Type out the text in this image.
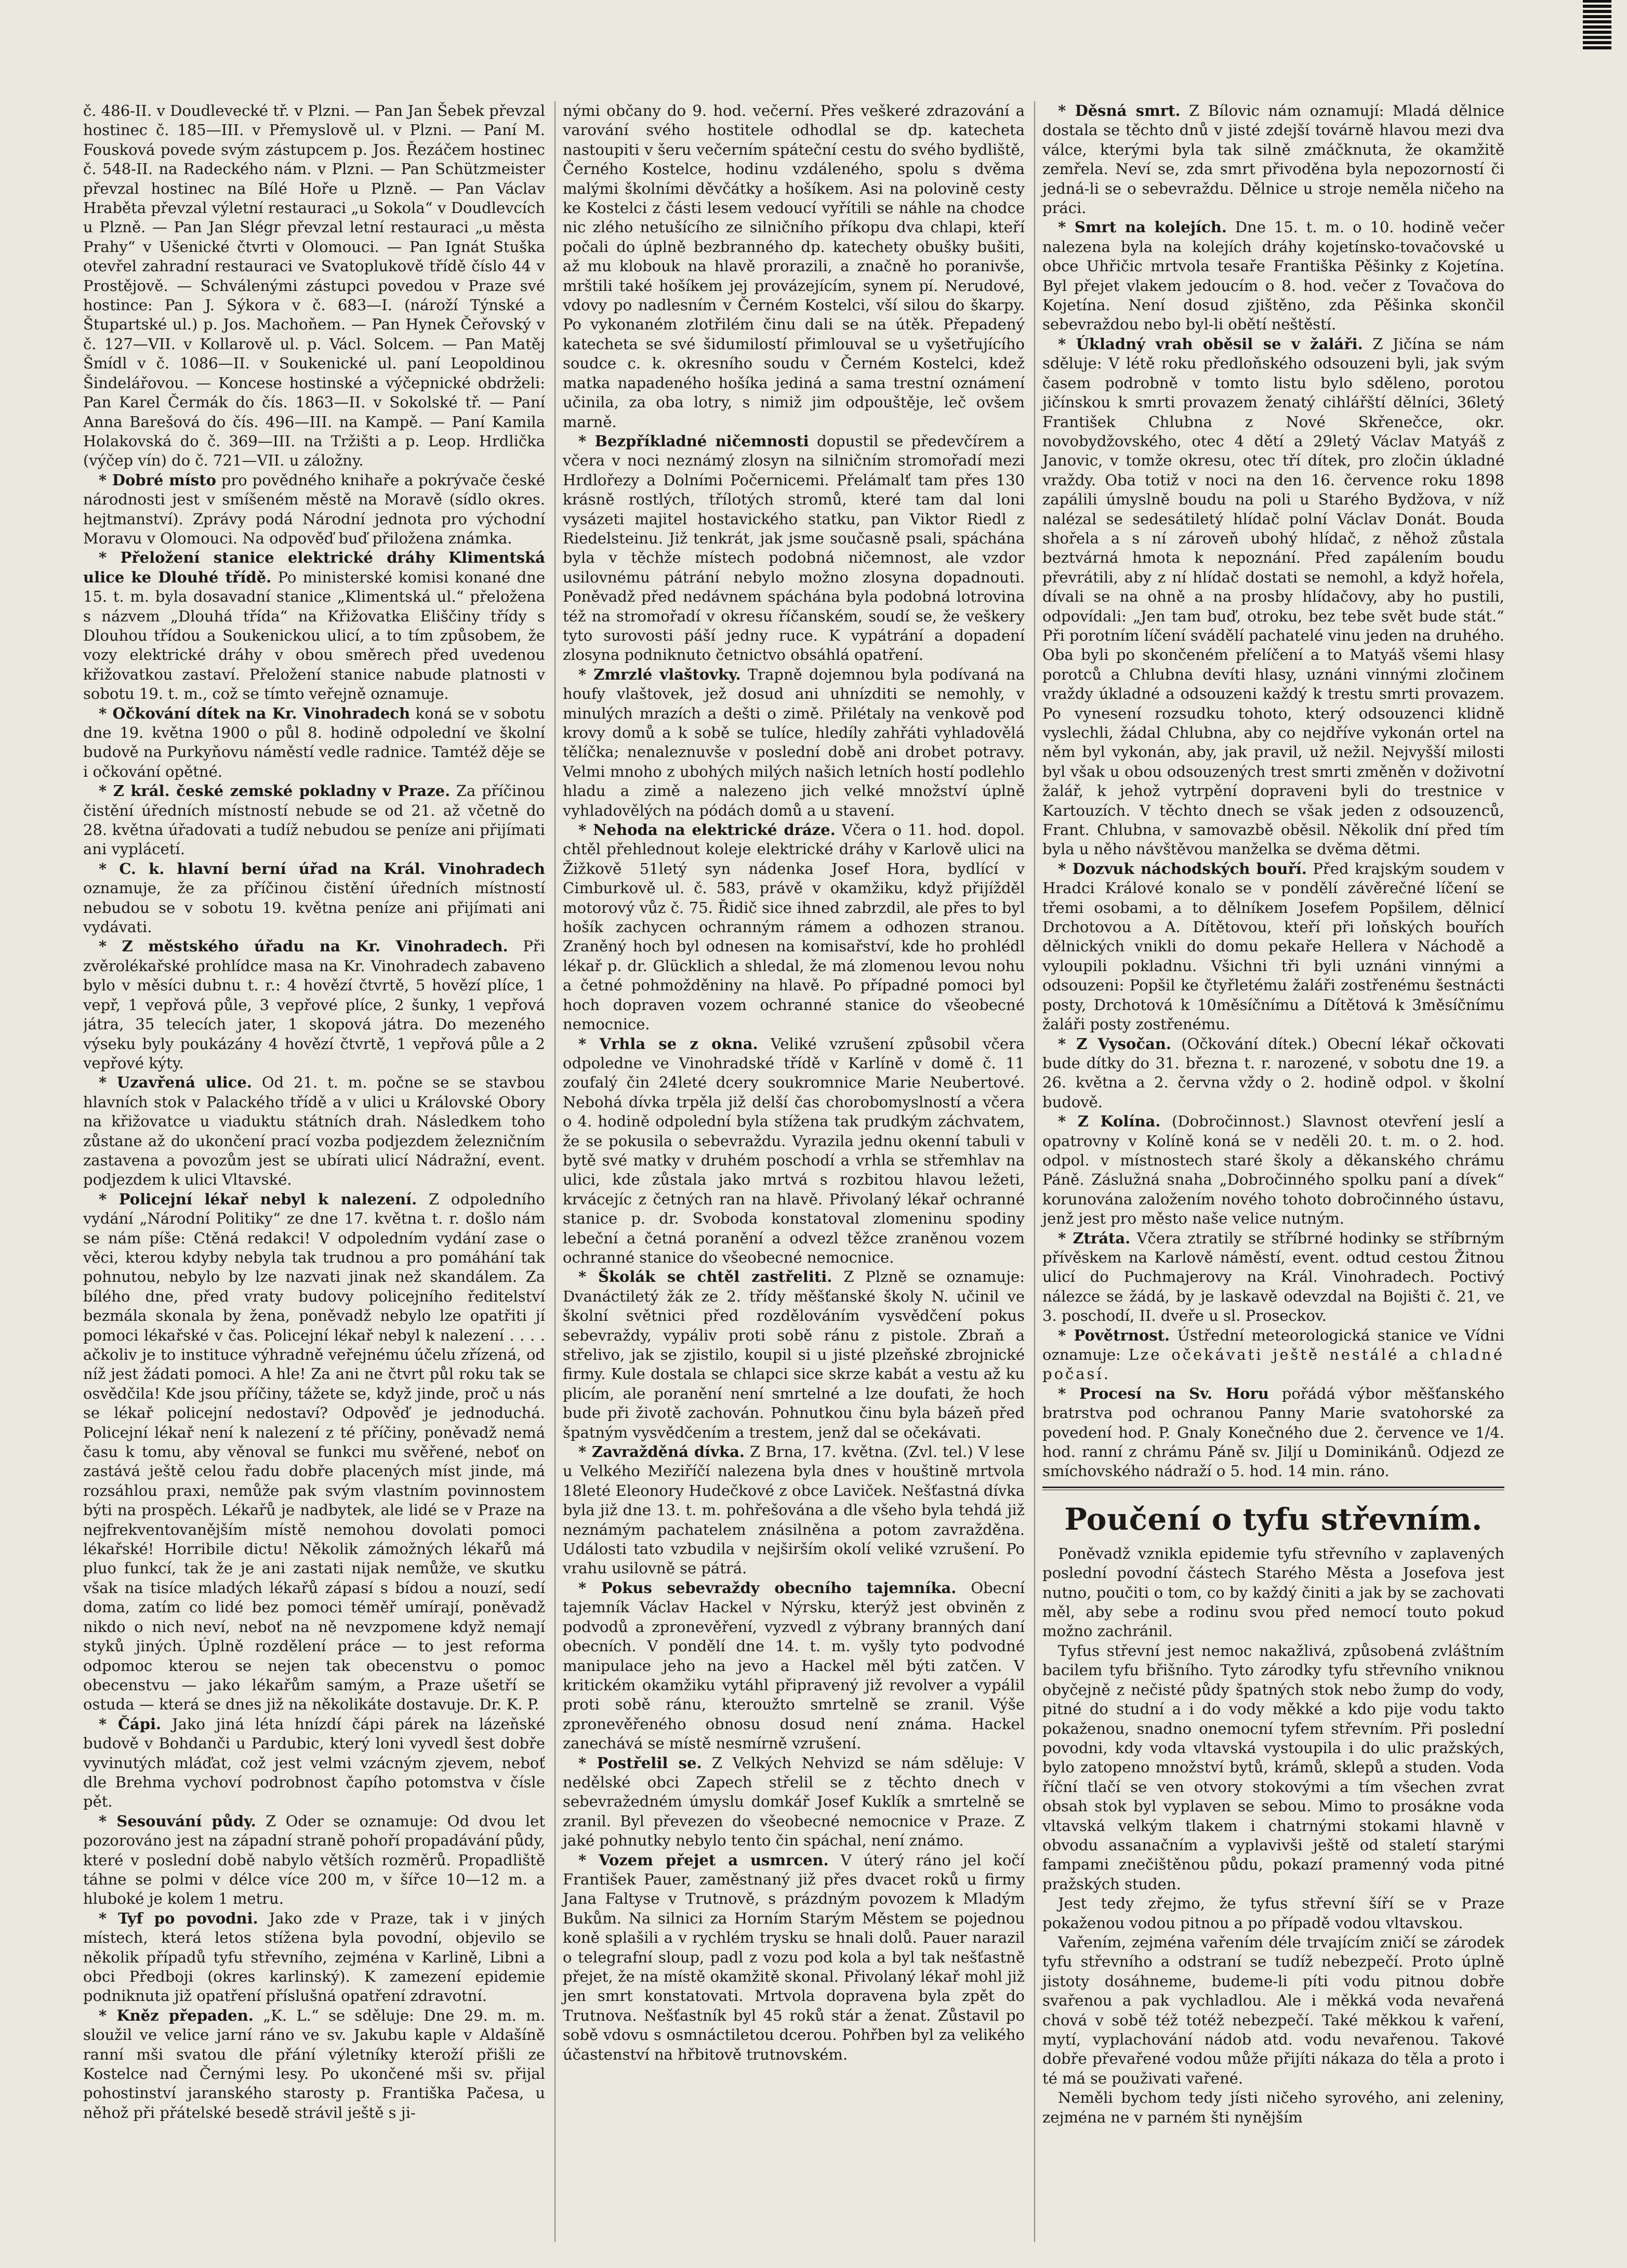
č. 486-II. v Doudlevecké tř. v Plzni. — Pan Jan Šebek převzal hostinec č. 185—III. v Přemyslově ul. v Plzni. — Paní M. Fousková povede svým zástupcem p. Jos. Řezáčem hostinec č. 548-II. na Radeckého nám. v Plzni. — Pan Schützmeister převzal hostinec na Bílé Hoře u Plzně. — Pan Václav Hraběta převzal výletní restauraci „u Sokola“ v Doudlevcích u Plzně. — Pan Jan Slégr převzal letní restauraci „u města Prahy“ v Ušenické čtvrti v Olomouci. — Pan Ignát Stuška otevřel zahradní restauraci ve Svatoplukově třídě číslo 44 v Prostějově. — Schválenými zástupci povedou v Praze své hostince: Pan J. Sýkora v č. 683—I. (nároží Týnské a Štupartské ul.) p. Jos. Machoňem. — Pan Hynek Čeřovský v č. 127—VII. v Kollarově ul. p. Václ. Solcem. — Pan Matěj Šmídl v č. 1086—II. v Soukenické ul. paní Leopoldinou Šindelářovou. — Koncese hostinské a výčepnické obdrželi: Pan Karel Čermák do čís. 1863—II. v Sokolské tř. — Paní Anna Barešová do čís. 496—III. na Kampě. — Paní Kamila Holakovská do č. 369—III. na Tržišti a p. Leop. Hrdlička (výčep vín) do č. 721—VII. u záložny.

* Dobré místo pro povědného knihaře a pokrývače české národnosti jest v smíšeném městě na Moravě (sídlo okres. hejtmanství). Zprávy podá Národní jednota pro východní Moravu v Olomouci. Na odpověď buď přiložena známka.

* Přeložení stanice elektrické dráhy Klimentská ulice ke Dlouhé třídě. Po ministerské komisi konané dne 15. t. m. byla dosavadní stanice „Klimentská ul.“ přeložena s názvem „Dlouhá třída“ na Křižovatka Eliščiny třídy s Dlouhou třídou a Soukenickou ulicí, a to tím způsobem, že vozy elektrické dráhy v obou směrech před uvedenou křižovatkou zastaví. Přeložení stanice nabude platnosti v sobotu 19. t. m., což se tímto veřejně oznamuje.

* Očkování dítek na Kr. Vinohradech koná se v sobotu dne 19. května 1900 o půl 8. hodině odpolední ve školní budově na Purkyňovu náměstí vedle radnice. Tamtéž děje se i očkování opětné.

* Z král. české zemské pokladny v Praze. Za příčinou čistění úředních místností nebude se od 21. až včetně do 28. května úřadovati a tudíž nebudou se peníze ani přijímati ani vyplácetí.

* C. k. hlavní berní úřad na Král. Vinohradech oznamuje, že za příčinou čistění úředních místností nebudou se v sobotu 19. května peníze ani přijímati ani vydávati.

* Z městského úřadu na Kr. Vinohradech. Při zvěrolékařské prohlídce masa na Kr. Vinohradech zabaveno bylo v měsíci dubnu t. r.: 4 hovězí čtvrtě, 5 hovězí plíce, 1 vepř, 1 vepřová půle, 3 vepřové plíce, 2 šunky, 1 vepřová játra, 35 telecích jater, 1 skopová játra. Do mezeného výseku byly poukázány 4 hovězí čtvrtě, 1 vepřová půle a 2 vepřové kýty.

* Uzavřená ulice. Od 21. t. m. počne se se stavbou hlavních stok v Palackého třídě a v ulici u Královské Obory na křižovatce u viaduktu státních drah. Následkem toho zůstane až do ukončení prací vozba podjezdem železničním zastavena a povozům jest se ubírati ulicí Nádražní, event. podjezdem k ulici Vltavské.

* Policejní lékař nebyl k nalezení. Z odpoledního vydání „Národní Politiky“ ze dne 17. května t. r. došlo nám se nám píše: Ctěná redakci! V odpoledním vydání zase o věci, kterou kdyby nebyla tak trudnou a pro pomáhání tak pohnutou, nebylo by lze nazvati jinak než skandálem. Za bílého dne, před vraty budovy policejního ředitelství bezmála skonala by žena, poněvadž nebylo lze opatřiti jí pomoci lékařské v čas. Policejní lékař nebyl k nalezení . . . . ačkoliv je to instituce výhradně veřejnému účelu zřízená, od níž jest žádati pomoci. A hle! Za ani ne čtvrt půl roku tak se osvědčila! Kde jsou příčiny, tážete se, když jinde, proč u nás se lékař policejní nedostaví? Odpověď je jednoduchá. Policejní lékař není k nalezení z té příčiny, poněvadž nemá času k tomu, aby věnoval se funkci mu svěřené, neboť on zastává ještě celou řadu dobře placených míst jinde, má rozsáhlou praxi, nemůže pak svým vlastním povinnostem býti na prospěch. Lékařů je nadbytek, ale lidé se v Praze na nejfrekventovanějším místě nemohou dovolati pomoci lékařské! Horribile dictu! Několik zámožných lékařů má pluo funkcí, tak že je ani zastati nijak nemůže, ve skutku však na tisíce mladých lékařů zápasí s bídou a nouzí, sedí doma, zatím co lidé bez pomoci téměř umírají, poněvadž nikdo o nich neví, neboť na ně nevzpomene když nemají styků jiných. Úplně rozdělení práce — to jest reforma odpomoc kterou se nejen tak obecenstvu o pomoc obecenstvu — jako lékařům samým, a Praze ušetří se ostuda — která se dnes již na několikáte dostavuje. Dr. K. P.

* Čápi. Jako jiná léta hnízdí čápi párek na lázeňské budově v Bohdanči u Pardubic, který loni vyvedl šest dobře vyvinutých mláďat, což jest velmi vzácným zjevem, neboť dle Brehma vychoví podrobnost čapího potomstva v čísle pět.

* Sesouvání půdy. Z Oder se oznamuje: Od dvou let pozorováno jest na západní straně pohoří propadávání půdy, které v poslední době nabylo větších rozměrů. Propadliště táhne se polmi v délce více 200 m, v šířce 10—12 m. a hluboké je kolem 1 metru.

* Tyf po povodni. Jako zde v Praze, tak i v jiných místech, která letos stížena byla povodní, objevilo se několik případů tyfu střevního, zejména v Karlině, Libni a obci Předboji (okres karlinský). K zamezení epidemie podniknuta již opatření příslušná opatření zdravotní.

* Kněz přepaden. „K. L.“ se sděluje: Dne 29. m. m. sloužil ve velice jarní ráno ve sv. Jakubu kaple v Aldašíně ranní mši svatou dle přání výletníky kteroží přišli ze Kostelce nad Černými lesy. Po ukončené mši sv. přijal pohostinství jaranského starosty p. Františka Pačesa, u něhož při přátelské besedě strávil ještě s ji-

nými občany do 9. hod. večerní. Přes veškeré zdrazování a varování svého hostitele odhodlal se dp. katecheta nastoupiti v šeru večerním spáteční cestu do svého bydliště, Černého Kostelce, hodinu vzdáleného, spolu s dvěma malými školními děvčátky a hošíkem. Asi na polovině cesty ke Kostelci z části lesem vedoucí vyřítili se náhle na chodce nic zlého netušícího ze silničního příkopu dva chlapi, kteří počali do úplně bezbranného dp. katechety obušky bušiti, až mu klobouk na hlavě prorazili, a značně ho poranivše, mrštili také hošíkem jej provázejícím, synem pí. Nerudové, vdovy po nadlesním v Černém Kostelci, vší silou do škarpy. Po vykonaném zlotřilém činu dali se na útěk. Přepadený katecheta se své šidumilostí přimlouval se u vyšetřujícího soudce c. k. okresního soudu v Černém Kostelci, kdež matka napadeného hošíka jediná a sama trestní oznámení učinila, za oba lotry, s nimiž jim odpouštěje, leč ovšem marně.

* Bezpříkladné ničemnosti dopustil se předevčírem a včera v noci neznámý zlosyn na silničním stromořadí mezi Hrdlořezy a Dolními Počernicemi. Přelámalť tam přes 130 krásně rostlých, třílotých stromů, které tam dal loni vysázeti majitel hostavického statku, pan Viktor Riedl z Riedelsteinu. Již tenkrát, jak jsme současně psali, spáchána byla v těchže místech podobná ničemnost, ale vzdor usilovnému pátrání nebylo možno zlosyna dopadnouti. Poněvadž před nedávnem spáchána byla podobná lotrovina též na stromořadí v okresu říčanském, soudí se, že veškery tyto surovosti páší jedny ruce. K vypátrání a dopadení zlosyna podniknuto četnictvo obsáhlá opatření.

* Zmrzlé vlaštovky. Trapně dojemnou byla podívaná na houfy vlaštovek, jež dosud ani uhnízditi se nemohly, v minulých mrazích a dešti o zimě. Přilétaly na venkově pod krovy domů a k sobě se tulíce, hledíly zahřáti vyhladovělá tělíčka; nenaleznuvše v poslední době ani drobet potravy. Velmi mnoho z ubohých milých našich letních hostí podlehlo hladu a zimě a nalezeno jich velké množství úplně vyhladovělých na pódách domů a u stavení.

* Nehoda na elektrické dráze. Včera o 11. hod. dopol. chtěl přehlednout koleje elektrické dráhy v Karlově ulici na Žižkově 51letý syn nádenka Josef Hora, bydlící v Cimburkově ul. č. 583, právě v okamžiku, když přijížděl motorový vůz č. 75. Řidič sice ihned zabrzdil, ale přes to byl hošík zachycen ochranným rámem a odhozen stranou. Zraněný hoch byl odnesen na komisařství, kde ho prohlédl lékař p. dr. Glücklich a shledal, že má zlomenou levou nohu a četné pohmožděniny na hlavě. Po případné pomoci byl hoch dopraven vozem ochranné stanice do všeobecné nemocnice.

* Vrhla se z okna. Veliké vzrušení způsobil včera odpoledne ve Vinohradské třídě v Karlíně v domě č. 11 zoufalý čin 24leté dcery soukromnice Marie Neubertové. Nebohá dívka trpěla již delší čas chorobomyslností a včera o 4. hodině odpolední byla stížena tak prudkým záchvatem, že se pokusila o sebevraždu. Vyrazila jednu okenní tabuli v bytě své matky v druhém poschodí a vrhla se střemhlav na ulici, kde zůstala jako mrtvá s rozbitou hlavou ležeti, krvácejíc z četných ran na hlavě. Přivolaný lékař ochranné stanice p. dr. Svoboda konstatoval zlomeninu spodiny lebeční a četná poranění a odvezl těžce zraněnou vozem ochranné stanice do všeobecné nemocnice.

* Školák se chtěl zastřeliti. Z Plzně se oznamuje: Dvanáctiletý žák ze 2. třídy měšťanské školy N. učinil ve školní světnici před rozdělováním vysvědčení pokus sebevraždy, vypáliv proti sobě ránu z pistole. Zbraň a střelivo, jak se zjistilo, koupil si u jisté plzeňské zbrojnické firmy. Kule dostala se chlapci sice skrze kabát a vestu až ku plicím, ale poranění není smrtelné a lze doufati, že hoch bude při životě zachován. Pohnutkou činu byla bázeň před špatným vysvědčením a trestem, jenž dal se očekávati.

* Zavražděná dívka. Z Brna, 17. května. (Zvl. tel.) V lese u Velkého Meziříčí nalezena byla dnes v houštině mrtvola 18leté Eleonory Hudečkové z obce Laviček. Nešťastná dívka byla již dne 13. t. m. pohřešována a dle všeho byla tehdá již neznámým pachatelem znásilněna a potom zavražděna. Události tato vzbudila v nejširším okolí veliké vzrušení. Po vrahu usilovně se pátrá.

* Pokus sebevraždy obecního tajemníka. Obecní tajemník Václav Hackel v Nýrsku, kterýž jest obviněn z podvodů a zpronevěření, vyzvedl z výbrany branných daní obecních. V pondělí dne 14. t. m. vyšly tyto podvodné manipulace jeho na jevo a Hackel měl býti zatčen. V kritickém okamžiku vytáhl připravený již revolver a vypálil proti sobě ránu, kteroužto smrtelně se zranil. Výše zpronevěřeného obnosu dosud není známa. Hackel zanechává se místě nesmírně vzrušení.

* Postřelil se. Z Velkých Nehvizd se nám sděluje: V nedělské obci Zapech střelil se z těchto dnech v sebevražedném úmyslu domkář Josef Kuklík a smrtelně se zranil. Byl převezen do všeobecné nemocnice v Praze. Z jaké pohnutky nebylo tento čin spáchal, není známo.

* Vozem přejet a usmrcen. V úterý ráno jel kočí František Pauer, zaměstnaný již přes dvacet roků u firmy Jana Faltyse v Trutnově, s prázdným povozem k Mladým Bukům. Na silnici za Horním Starým Městem se pojednou koně splašili a v rychlém trysku se hnali dolů. Pauer narazil o telegrafní sloup, padl z vozu pod kola a byl tak nešťastně přejet, že na místě okamžitě skonal. Přivolaný lékař mohl již jen smrt konstatovati. Mrtvola dopravena byla zpět do Trutnova. Nešťastník byl 45 roků stár a ženat. Zůstavil po sobě vdovu s osmnáctiletou dcerou. Pohřben byl za velikého účastenství na hřbitově trutnovském.

* Děsná smrt. Z Bílovic nám oznamují: Mladá dělnice dostala se těchto dnů v jisté zdejší továrně hlavou mezi dva válce, kterými byla tak silně zmáčknuta, že okamžitě zemřela. Neví se, zda smrt přivoděna byla nepozorností či jedná-li se o sebevraždu. Dělnice u stroje neměla ničeho na práci.

* Smrt na kolejích. Dne 15. t. m. o 10. hodině večer nalezena byla na kolejích dráhy kojetínsko-tovačovské u obce Uhřičic mrtvola tesaře Františka Pěšinky z Kojetína. Byl přejet vlakem jedoucím o 8. hod. večer z Tovačova do Kojetína. Není dosud zjištěno, zda Pěšinka skončil sebevraždou nebo byl-li obětí neštěstí.

* Úkladný vrah oběsil se v žaláři. Z Jičína se nám sděluje: V létě roku předloňského odsouzeni byli, jak svým časem podrobně v tomto listu bylo sděleno, porotou jičínskou k smrti provazem ženatý cihlářští dělníci, 36letý František Chlubna z Nové Skřenečce, okr. novobydžovského, otec 4 dětí a 29letý Václav Matyáš z Janovic, v tomže okresu, otec tří dítek, pro zločin úkladné vraždy. Oba totiž v noci na den 16. července roku 1898 zapálili úmyslně boudu na poli u Starého Bydžova, v níž nalézal se sedesátiletý hlídač polní Václav Donát. Bouda shořela a s ní zároveň ubohý hlídač, z něhož zůstala beztvárná hmota k nepoznání. Před zapálením boudu převrátili, aby z ní hlídač dostati se nemohl, a když hořela, dívali se na ohně a na prosby hlídačovy, aby ho pustili, odpovídali: „Jen tam buď, otroku, bez tebe svět bude stát.“ Při porotním líčení svádělí pachatelé vinu jeden na druhého. Oba byli po skončeném přelíčení a to Matyáš všemi hlasy porotců a Chlubna devíti hlasy, uznáni vinnými zločinem vraždy úkladné a odsouzeni každý k trestu smrti provazem. Po vynesení rozsudku tohoto, který odsouzenci klidně vyslechli, žádal Chlubna, aby co nejdříve vykonán ortel na něm byl vykonán, aby, jak pravil, už nežil. Nejvyšší milosti byl však u obou odsouzených trest smrti změněn v doživotní žalář, k jehož vytrpění dopraveni byli do trestnice v Kartouzích. V těchto dnech se však jeden z odsouzenců, Frant. Chlubna, v samovazbě oběsil. Několik dní před tím byla u něho návštěvou manželka se dvěma dětmi.

* Dozvuk náchodských bouří. Před krajským soudem v Hradci Králové konalo se v pondělí závěrečné líčení se třemi osobami, a to dělníkem Josefem Popšilem, dělnicí Drchotovou a A. Dítětovou, kteří při loňských bouřích dělnických vnikli do domu pekaře Hellera v Náchodě a vyloupili pokladnu. Všichni tři byli uznáni vinnými a odsouzeni: Popšil ke čtyřletému žaláři zostřenému šestnácti posty, Drchotová k 10měsíčnímu a Dítětová k 3měsíčnímu žaláři posty zostřenému.

* Z Vysočan. (Očkování dítek.) Obecní lékař očkovati bude dítky do 31. března t. r. narozené, v sobotu dne 19. a 26. května a 2. června vždy o 2. hodině odpol. v školní budově.

* Z Kolína. (Dobročinnost.) Slavnost otevření jeslí a opatrovny v Kolíně koná se v neděli 20. t. m. o 2. hod. odpol. v místnostech staré školy a děkanského chrámu Páně. Záslužná snaha „Dobročinného spolku paní a dívek“ korunována založením nového tohoto dobročinného ústavu, jenž jest pro město naše velice nutným.

* Ztráta. Včera ztratily se stříbrné hodinky se stříbrným přívěskem na Karlově náměstí, event. odtud cestou Žitnou ulicí do Puchmajerovy na Král. Vinohradech. Poctivý nálezce se žádá, by je laskavě odevzdal na Bojišti č. 21, ve 3. poschodí, II. dveře u sl. Proseckov.

* Povětrnost. Ústřední meteorologická stanice ve Vídni oznamuje: Lze očekávati ještě nestálé a chladné počasí.

* Procesí na Sv. Horu pořádá výbor měšťanského bratrstva pod ochranou Panny Marie svatohorské za povedení hod. P. Gnaly Konečného due 2. července ve 1/4. hod. ranní z chrámu Páně sv. Jiljí u Dominikánů. Odjezd ze smíchovského nádraží o 5. hod. 14 min. ráno.

Poučení o tyfu střevním.

Poněvadž vznikla epidemie tyfu střevního v zaplavených poslední povodní částech Starého Města a Josefova jest nutno, poučiti o tom, co by každý činiti a jak by se zachovati měl, aby sebe a rodinu svou před nemocí touto pokud možno zachránil.

Tyfus střevní jest nemoc nakažlivá, způsobená zvláštním bacilem tyfu břišního. Tyto zárodky tyfu střevního vniknou obyčejně z nečisté půdy špatných stok nebo žump do vody, pitné do studní a i do vody měkké a kdo pije vodu takto pokaženou, snadno onemocní tyfem střevním. Při poslední povodni, kdy voda vltavská vystoupila i do ulic pražských, bylo zatopeno množství bytů, krámů, sklepů a studen. Voda říční tlačí se ven otvory stokovými a tím všechen zvrat obsah stok byl vyplaven se sebou. Mimo to prosákne voda vltavská velkým tlakem i chatrnými stokami hlavně v obvodu assanačním a vyplavivši ještě od staletí starými fampami znečištěnou půdu, pokazí pramenný voda pitné pražských studen.

Jest tedy zřejmo, že tyfus střevní šíří se v Praze pokaženou vodou pitnou a po případě vodou vltavskou.

Vařením, zejména vařením déle trvajícím zničí se zárodek tyfu střevního a odstraní se tudíž nebezpečí. Proto úplně jistoty dosáhneme, budeme-li píti vodu pitnou dobře svařenou a pak vychladlou. Ale i měkká voda nevařená chová v sobě též totéž nebezpečí. Také měkkou k vaření, mytí, vyplachování nádob atd. vodu nevařenou. Takové dobře převařené vodou může přijíti nákaza do těla a proto i té má se použivati vařené.

Neměli bychom tedy jísti ničeho syrového, ani zeleniny, zejména ne v parném šti nynějším
